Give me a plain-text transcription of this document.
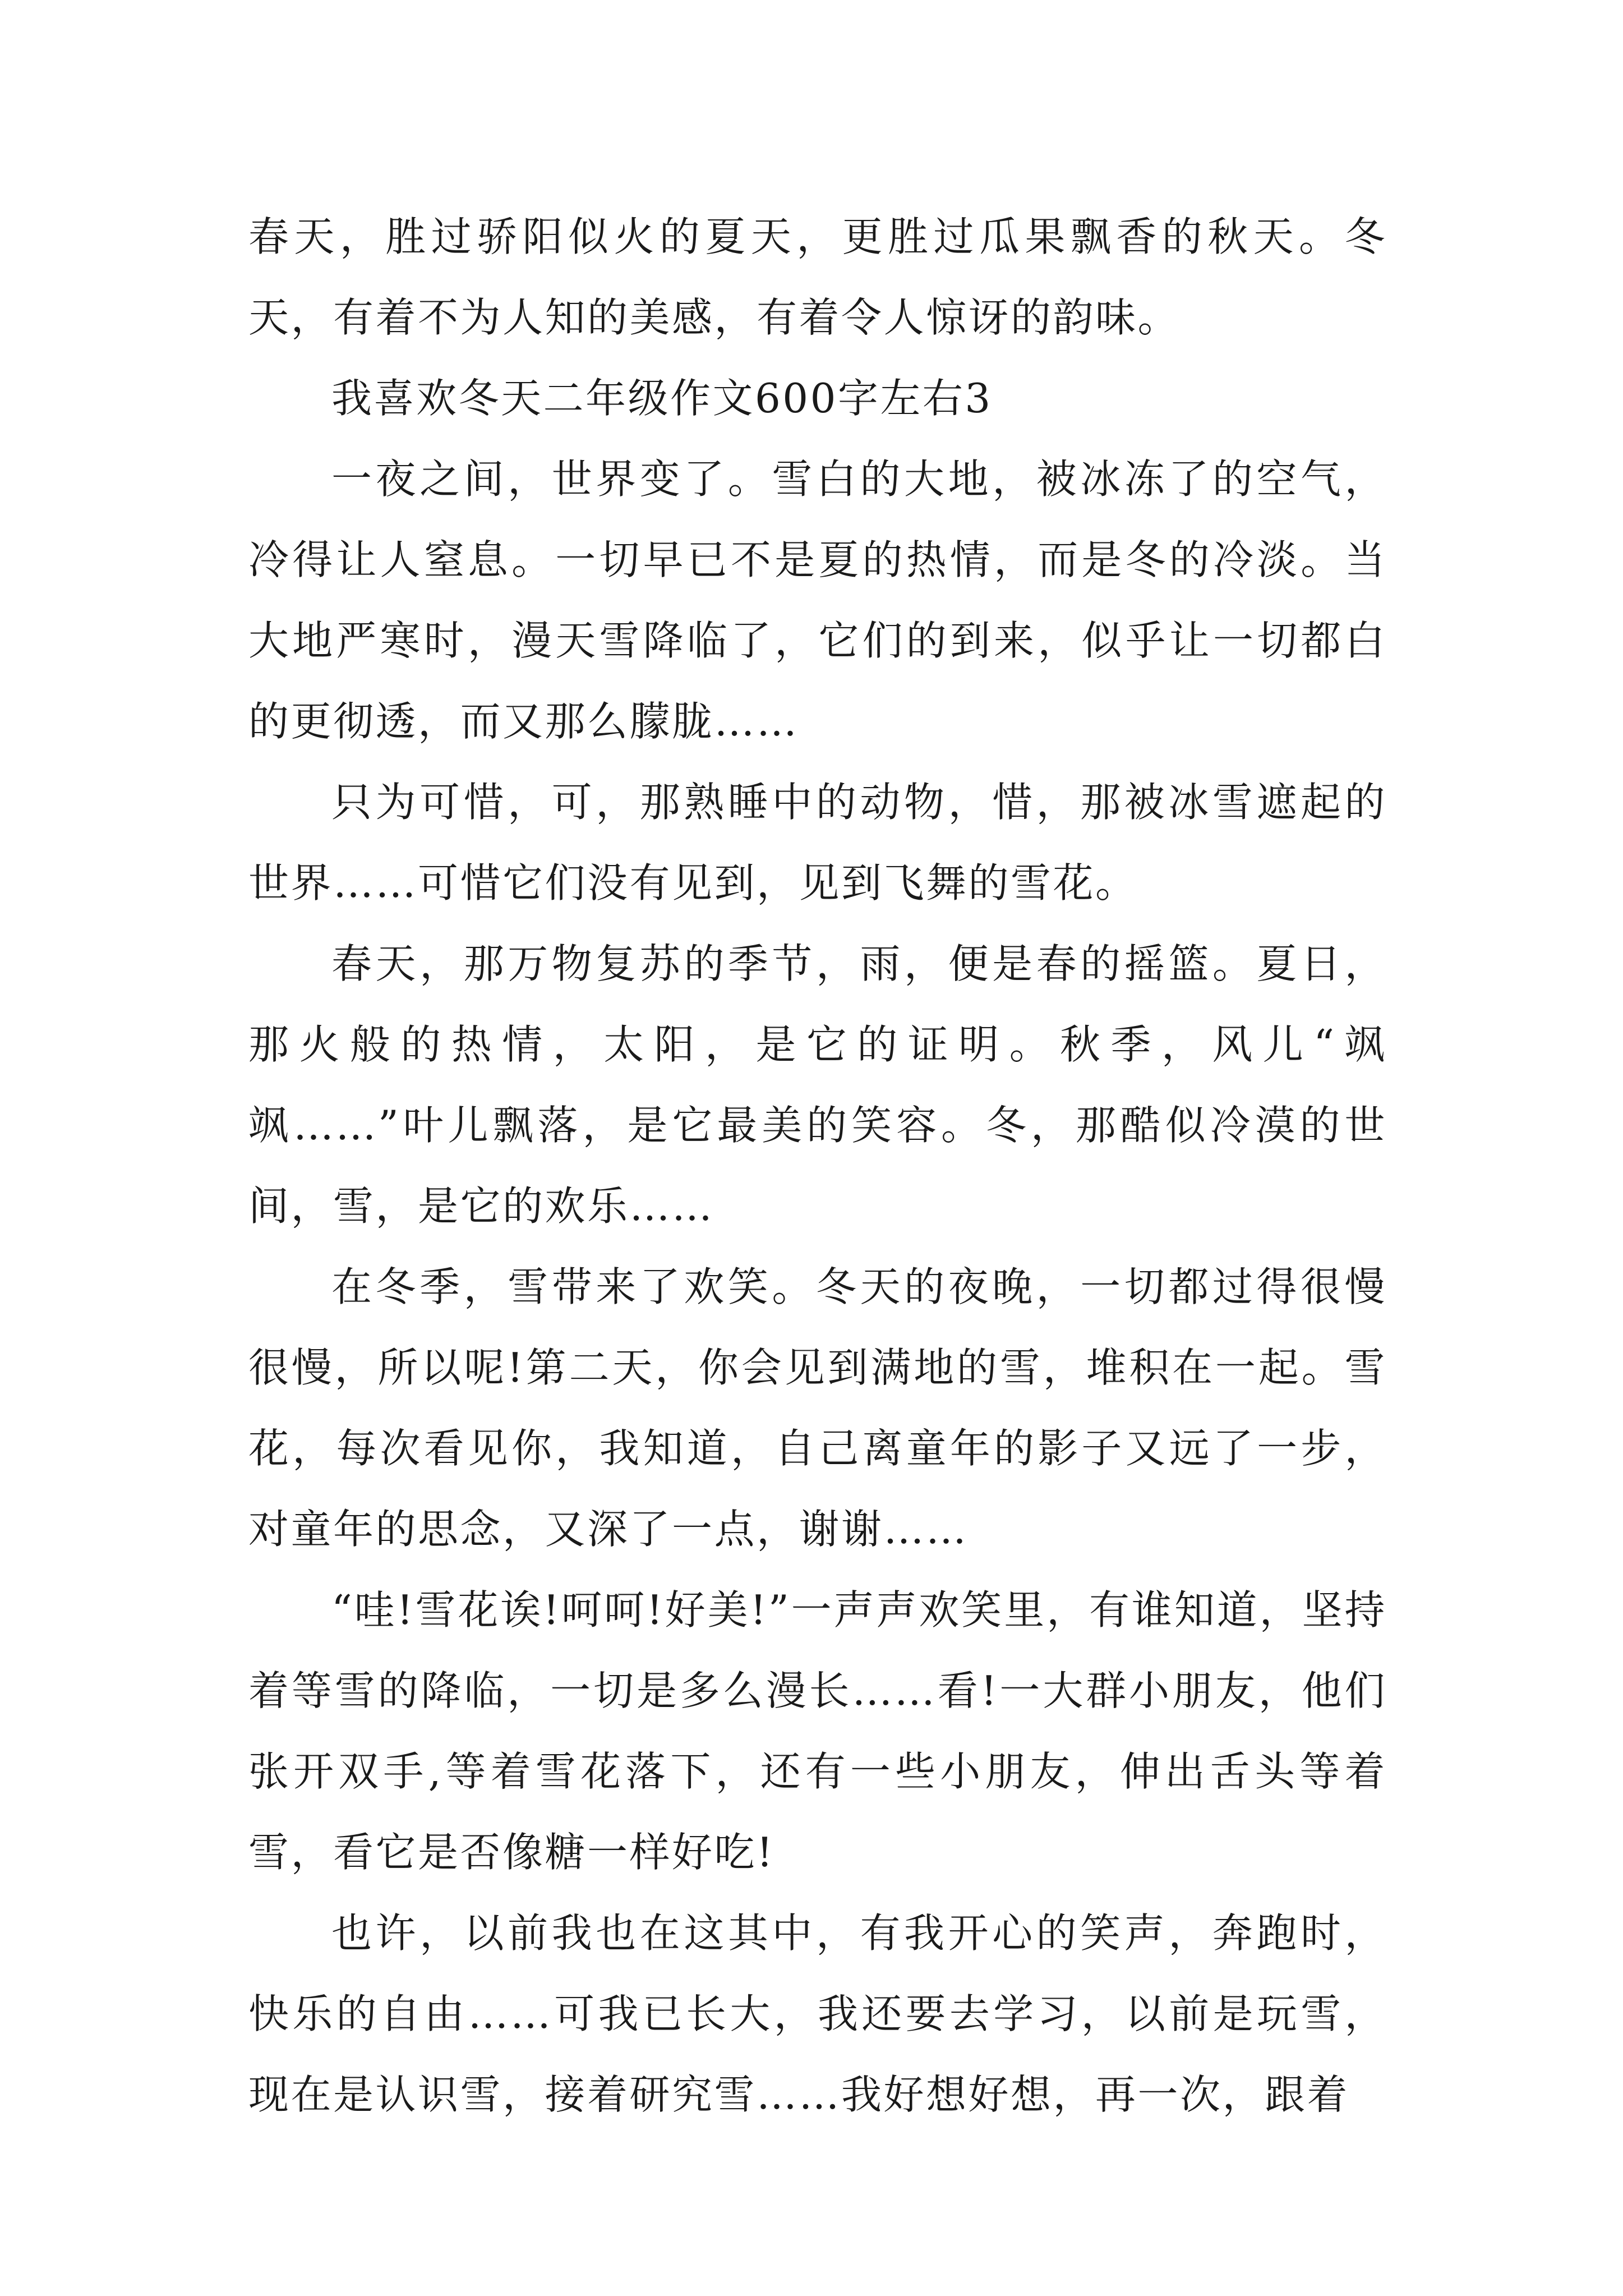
春天，胜过骄阳似火的夏天，更胜过瓜果飘香的秋天。冬天，有着不为人知的美感，有着令人惊讶的韵味。

我喜欢冬天二年级作文600字左右3

一夜之间，世界变了。雪白的大地，被冰冻了的空气，冷得让人窒息。一切早已不是夏的热情，而是冬的冷淡。当大地严寒时，漫天雪降临了，它们的到来，似乎让一切都白的更彻透，而又那么朦胧……

只为可惜，可，那熟睡中的动物，惜，那被冰雪遮起的世界……可惜它们没有见到，见到飞舞的雪花。

春天，那万物复苏的季节，雨，便是春的摇篮。夏日，那火般的热情，太阳，是它的证明。秋季，风儿“飒飒……”叶儿飘落，是它最美的笑容。冬，那酷似冷漠的世间，雪，是它的欢乐……

在冬季，雪带来了欢笑。冬天的夜晚，一切都过得很慢很慢，所以呢!第二天，你会见到满地的雪，堆积在一起。雪花，每次看见你，我知道，自己离童年的影子又远了一步，对童年的思念，又深了一点，谢谢……

“哇!雪花诶!呵呵!好美!”一声声欢笑里，有谁知道，坚持着等雪的降临，一切是多么漫长……看!一大群小朋友，他们张开双手,等着雪花落下，还有一些小朋友，伸出舌头等着雪，看它是否像糖一样好吃!

也许，以前我也在这其中，有我开心的笑声，奔跑时，快乐的自由……可我已长大，我还要去学习，以前是玩雪，现在是认识雪，接着研究雪……我好想好想，再一次，跟着
